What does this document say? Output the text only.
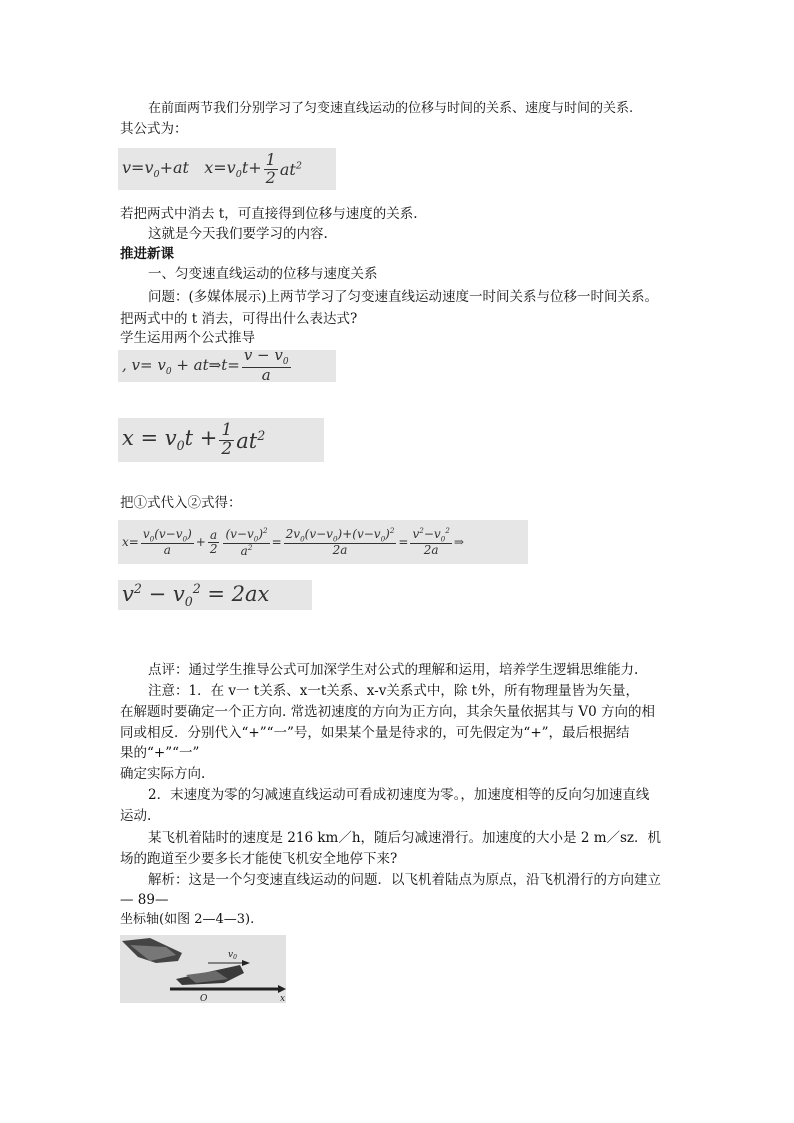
在前面两节我们分别学习了匀变速直线运动的位移与时间的关系、速度与时间的关系.
其公式为：
$v=v_0+at$   $x=v_0t+ \frac{1}{2} at^2$
若把两式中消去 t，可直接得到位移与速度的关系.
这就是今天我们要学习的内容.
推进新课
一、匀变速直线运动的位移与速度关系
问题：(多媒体展示)上两节学习了匀变速直线运动速度一时间关系与位移一时间关系。
把两式中的 t 消去，可得出什么表达式?
学生运用两个公式推导
, $v= v_0$ + at⇒t= $\frac{v - v_0}{a}$
$x = v_0t + \frac{1}{2} at^2$
把①式代入②式得：
$x= \frac{v_0(v-v_0)}{a} + \frac{a}{2} \frac{(v-v_0)^2}{a^2} = \frac{2v_0(v-v_0)+(v-v_0)^2}{2a} = \frac{v^2-v_0^2}{2a}$ ⇒
$v^2 - v_0^2 = 2ax$
点评：通过学生推导公式可加深学生对公式的理解和运用，培养学生逻辑思维能力.
注意：1．在 v一 t关系、x一t关系、x-v关系式中，除 t外，所有物理量皆为矢量，
在解题时要确定一个正方向. 常选初速度的方向为正方向，其余矢量依据其与 V0 方向的相
同或相反．分别代入“+”“一”号，如果某个量是待求的，可先假定为“+”，最后根据结
果的“+”“一”
确定实际方向.
2．末速度为零的匀减速直线运动可看成初速度为零。，加速度相等的反向匀加速直线
运动.
某飞机着陆时的速度是 216 km／h，随后匀减速滑行。加速度的大小是 2 m／sz．机
场的跑道至少要多长才能使飞机安全地停下来?
解析：这是一个匀变速直线运动的问题．以飞机着陆点为原点，沿飞机滑行的方向建立
— 89—
坐标轴(如图 2—4—3).
$v_0$
O	x
